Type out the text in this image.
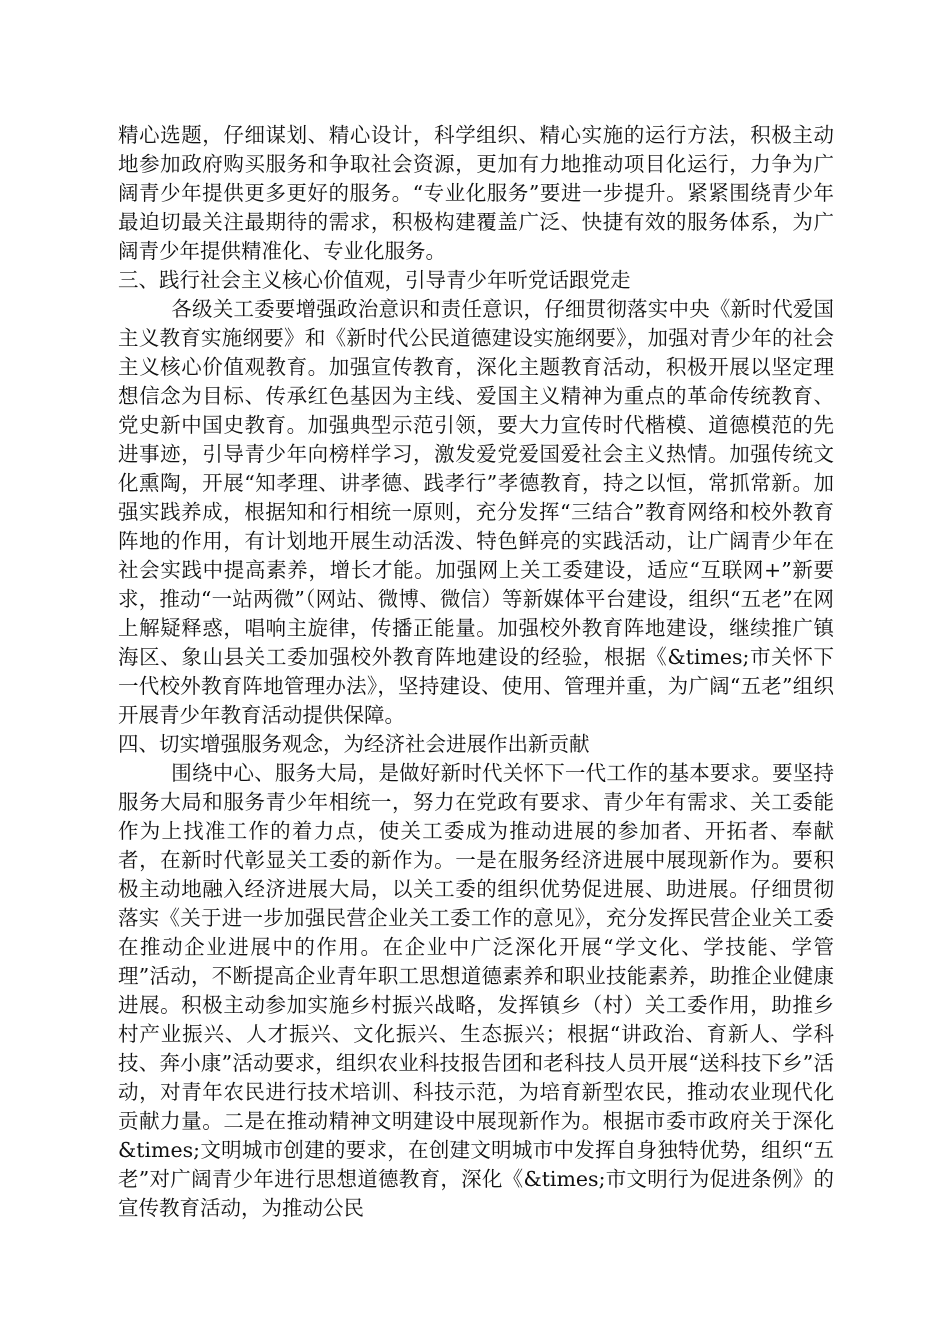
精心选题，仔细谋划、精心设计，科学组织、精心实施的运行方法，积极主动地参加政府购买服务和争取社会资源，更加有力地推动项目化运行，力争为广阔青少年提供更多更好的服务。“专业化服务”要进一步提升。紧紧围绕青少年最迫切最关注最期待的需求，积极构建覆盖广泛、快捷有效的服务体系，为广阔青少年提供精准化、专业化服务。

三、践行社会主义核心价值观，引导青少年听党话跟党走

各级关工委要增强政治意识和责任意识，仔细贯彻落实中央《新时代爱国主义教育实施纲要》和《新时代公民道德建设实施纲要》，加强对青少年的社会主义核心价值观教育。加强宣传教育，深化主题教育活动，积极开展以坚定理想信念为目标、传承红色基因为主线、爱国主义精神为重点的革命传统教育、党史新中国史教育。加强典型示范引领，要大力宣传时代楷模、道德模范的先进事迹，引导青少年向榜样学习，激发爱党爱国爱社会主义热情。加强传统文化熏陶，开展“知孝理、讲孝德、践孝行”孝德教育，持之以恒，常抓常新。加强实践养成，根据知和行相统一原则，充分发挥“三结合”教育网络和校外教育阵地的作用，有计划地开展生动活泼、特色鲜亮的实践活动，让广阔青少年在社会实践中提高素养，增长才能。加强网上关工委建设，适应“互联网+”新要求，推动“一站两微”（网站、微博、微信）等新媒体平台建设，组织“五老”在网上解疑释惑，唱响主旋律，传播正能量。加强校外教育阵地建设，继续推广镇海区、象山县关工委加强校外教育阵地建设的经验，根据《&times;市关怀下一代校外教育阵地管理办法》，坚持建设、使用、管理并重，为广阔“五老”组织开展青少年教育活动提供保障。

四、切实增强服务观念，为经济社会进展作出新贡献

围绕中心、服务大局，是做好新时代关怀下一代工作的基本要求。要坚持服务大局和服务青少年相统一，努力在党政有要求、青少年有需求、关工委能作为上找准工作的着力点，使关工委成为推动进展的参加者、开拓者、奉献者，在新时代彰显关工委的新作为。一是在服务经济进展中展现新作为。要积极主动地融入经济进展大局，以关工委的组织优势促进展、助进展。仔细贯彻落实《关于进一步加强民营企业关工委工作的意见》，充分发挥民营企业关工委在推动企业进展中的作用。在企业中广泛深化开展“学文化、学技能、学管理”活动，不断提高企业青年职工思想道德素养和职业技能素养，助推企业健康进展。积极主动参加实施乡村振兴战略，发挥镇乡（村）关工委作用，助推乡村产业振兴、人才振兴、文化振兴、生态振兴；根据“讲政治、育新人、学科技、奔小康”活动要求，组织农业科技报告团和老科技人员开展“送科技下乡”活动，对青年农民进行技术培训、科技示范，为培育新型农民，推动农业现代化贡献力量。二是在推动精神文明建设中展现新作为。根据市委市政府关于深化&times;文明城市创建的要求，在创建文明城市中发挥自身独特优势，组织“五老”对广阔青少年进行思想道德教育，深化《&times;市文明行为促进条例》的宣传教育活动，为推动公民
